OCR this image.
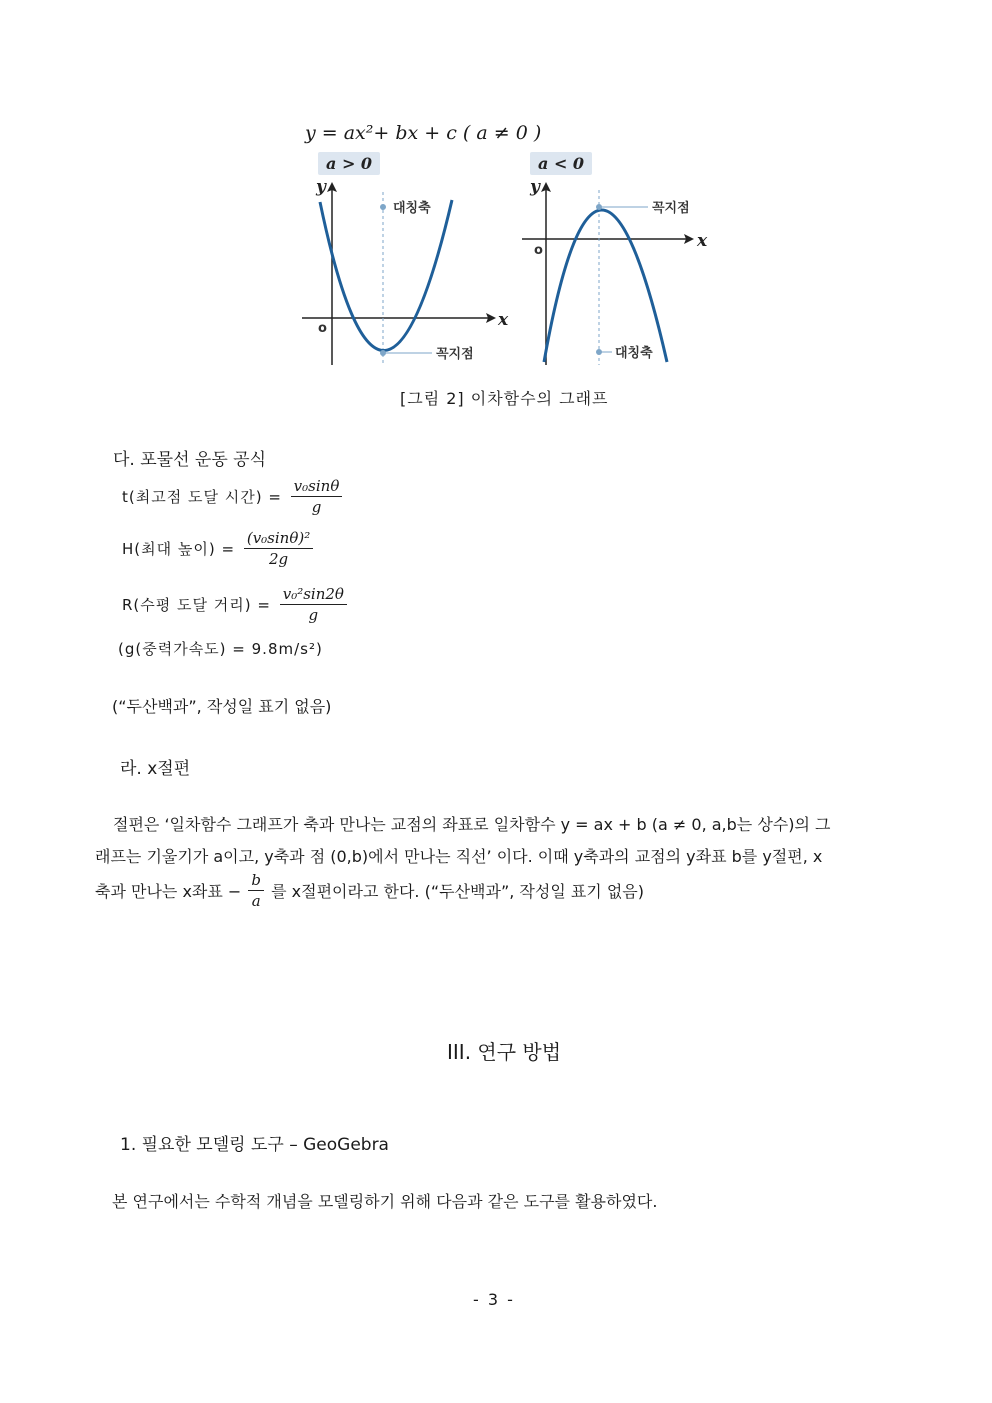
y = ax²+ bx + c ( a ≠ 0 )
a > 0	a < 0
y
x
o
꼭지점
대칭축
y
x
o
꼭지점
대칭축
[그림 2] 이차함수의 그래프
다. 포물선 운동 공식
t(최고점 도달 시간) = $\frac{\text{v₀sinθ}}{g}$
H(최대 높이) = $\frac{\text{(v₀sinθ)²}}{2g}$
R(수평 도달 거리) = $\frac{\text{v₀²sin2θ}}{g}$
(g(중력가속도) = 9.8m/s²)
(“두산백과”, 작성일 표기 없음)
라. x절편
절편은 ‘일차함수 그래프가 축과 만나는 교점의 좌표로 일차함수 y = ax + b (a ≠ 0, a,b는 상수)의 그
래프는 기울기가 a이고, y축과 점 (0,b)에서 만나는 직선’ 이다. 이때 y축과의 교점의 y좌표 b를 y절편, x
축과 만나는 x좌표 − $\frac{b}{a}$ 를 x절편이라고 한다. (“두산백과”, 작성일 표기 없음)
III. 연구 방법
1. 필요한 모델링 도구 – GeoGebra
본 연구에서는 수학적 개념을 모델링하기 위해 다음과 같은 도구를 활용하였다.
- 3 -
